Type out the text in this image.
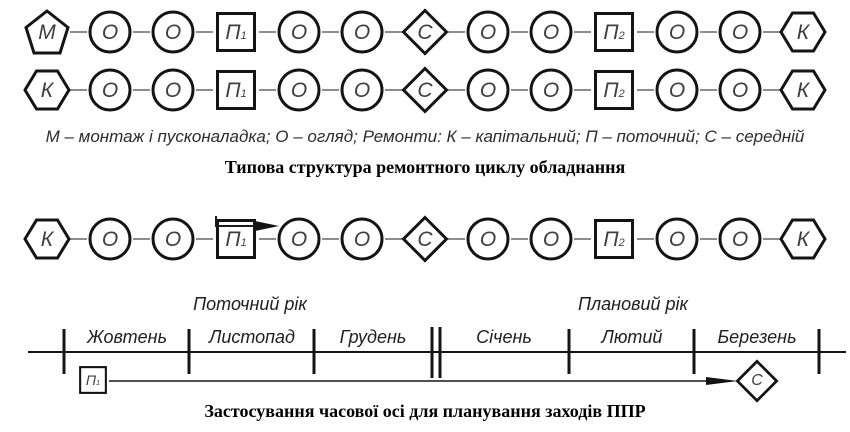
М	О	О	П 1	О	О	С	О	О	П 2	О	О	К
К	О	О	П 1	О	О	С	О	О	П 2	О	О	К
М – монтаж і пусконаладка; О – огляд; Ремонти: К – капітальний; П – поточний; С – середній
Типова структура ремонтного циклу обладнання
К	О	О	П 1	О	О	С	О	О	П 2	О	О	К
Поточний рік	Плановий рік
Жовтень Листопад Грудень	Січень	Лютий	Березень
П 1	С
Застосування часової осі для планування заходів ППР
